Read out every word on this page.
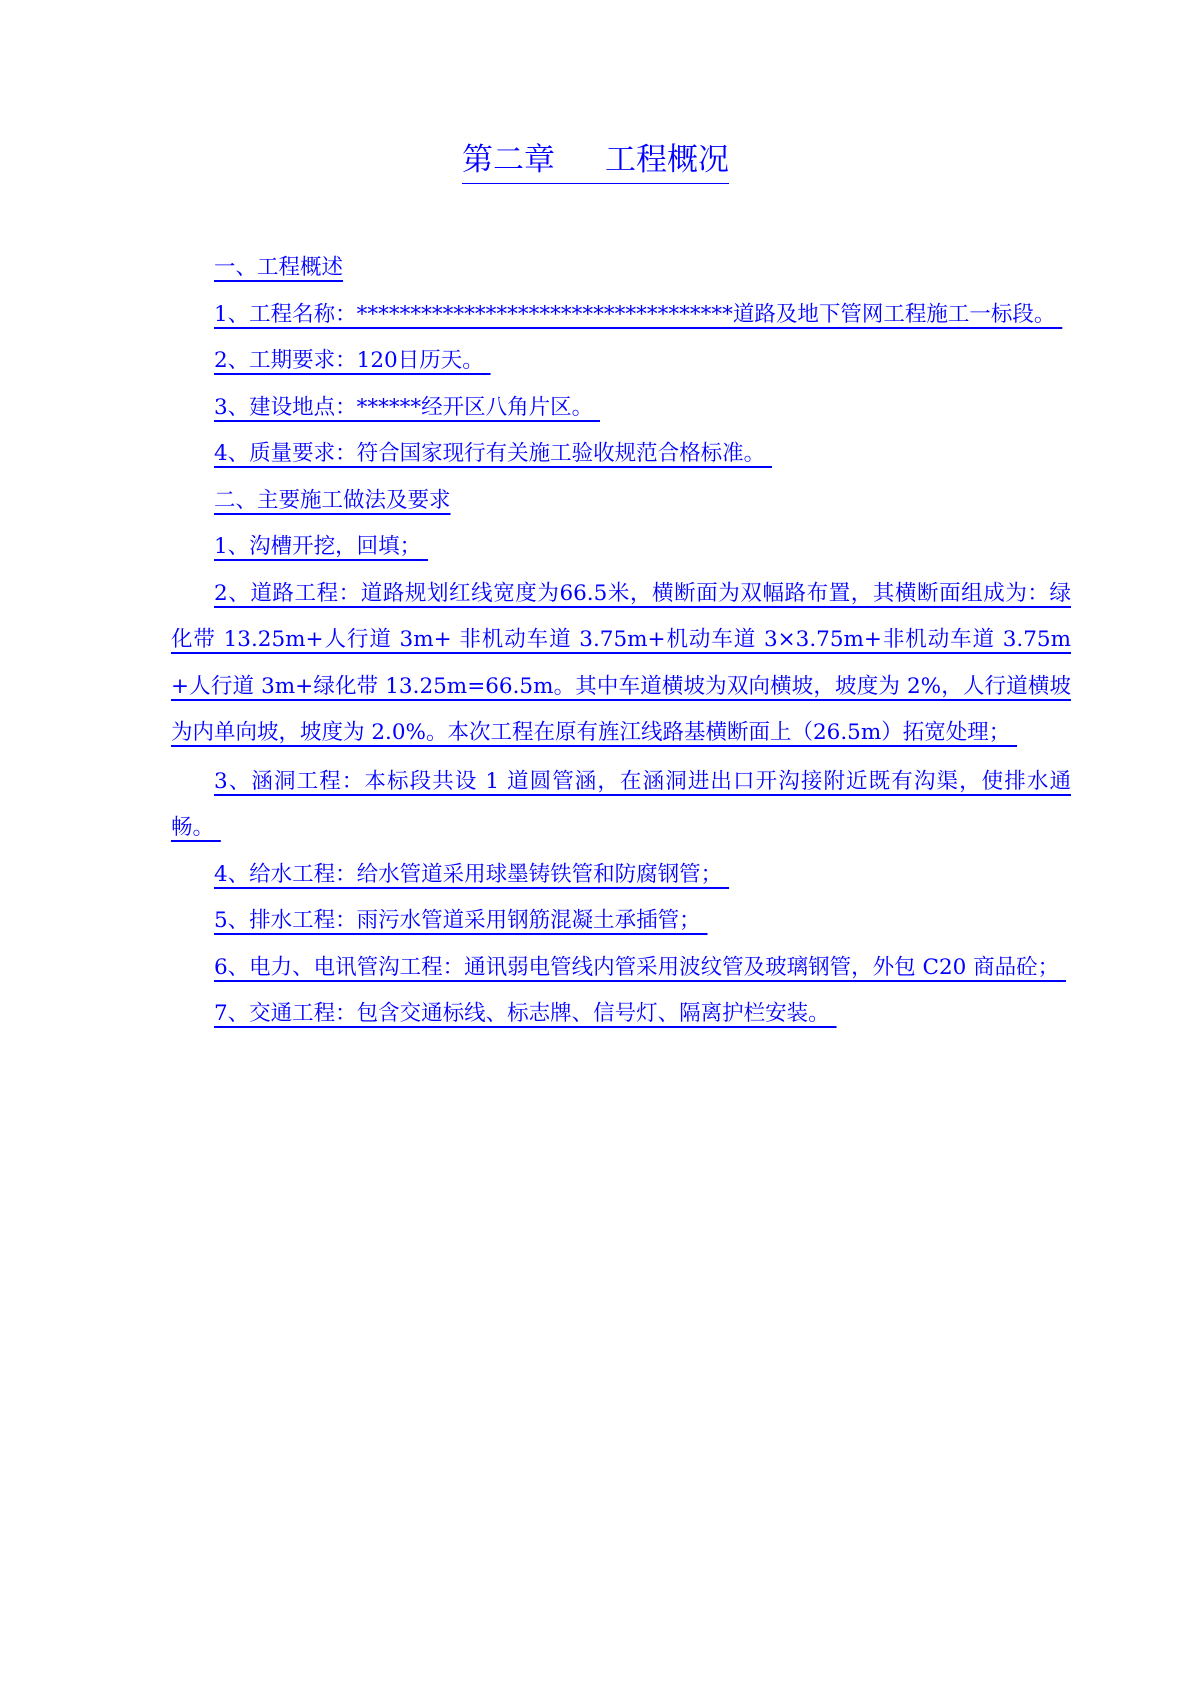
第二章 工程概况

一、工程概述

1、工程名称：***********************************道路及地下管网工程施工一标段。

2、工期要求：120日历天。

3、建设地点：******经开区八角片区。

4、质量要求：符合国家现行有关施工验收规范合格标准。

二、主要施工做法及要求

1、沟槽开挖，回填；

2、道路工程：道路规划红线宽度为66.5米，横断面为双幅路布置，其横断面组成为：绿化带 13.25m+人行道 3m+ 非机动车道 3.75m+机动车道 3×3.75m+非机动车道 3.75m+人行道 3m+绿化带 13.25m=66.5m。其中车道横坡为双向横坡，坡度为 2%，人行道横坡为内单向坡，坡度为 2.0%。本次工程在原有旌江线路基横断面上（26.5m）拓宽处理；

3、涵洞工程：本标段共设 1 道圆管涵，在涵洞进出口开沟接附近既有沟渠，使排水通畅。

4、给水工程：给水管道采用球墨铸铁管和防腐钢管；

5、排水工程：雨污水管道采用钢筋混凝土承插管；

6、电力、电讯管沟工程：通讯弱电管线内管采用波纹管及玻璃钢管，外包 C20 商品砼；

7、交通工程：包含交通标线、标志牌、信号灯、隔离护栏安装。
